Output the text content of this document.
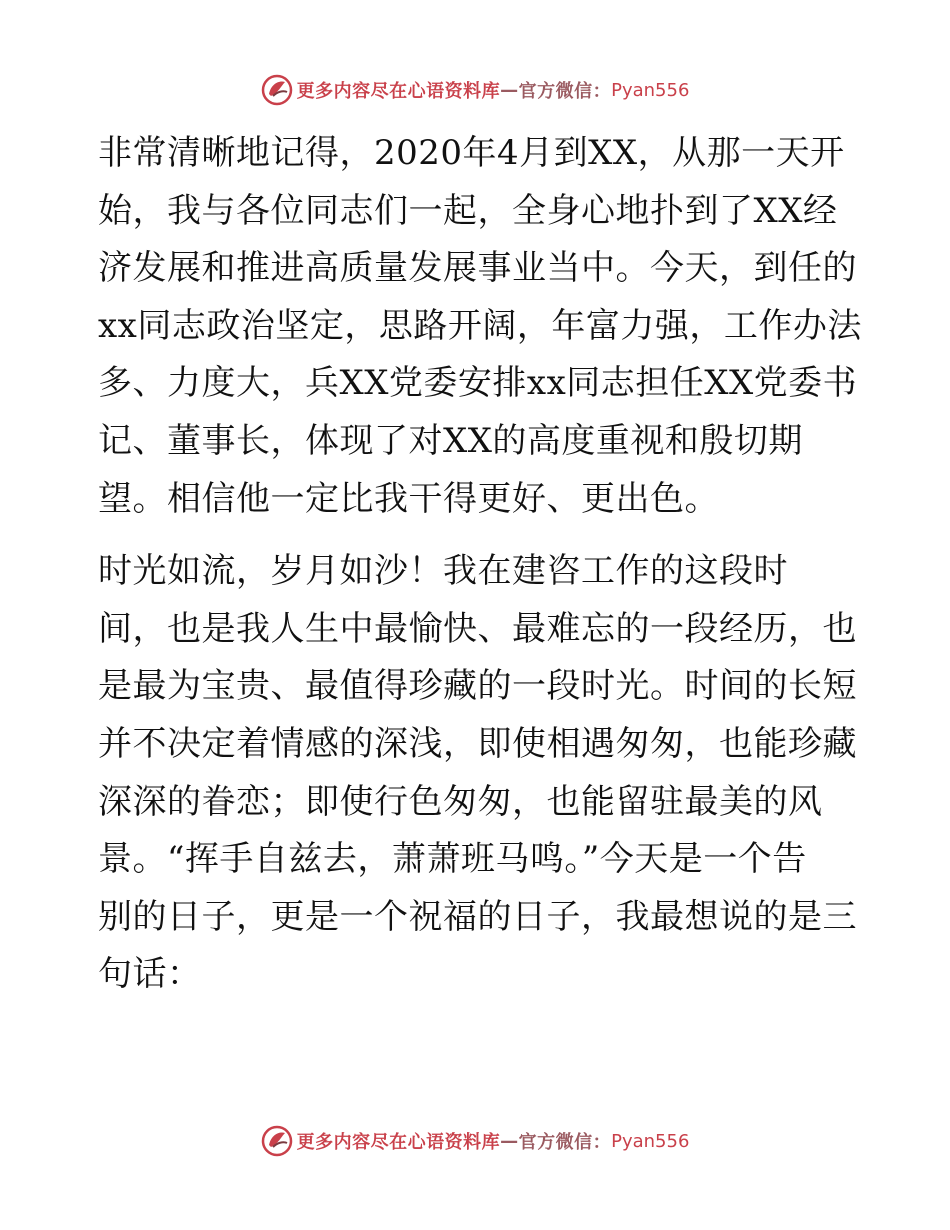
更多内容尽在心语资料库 — 官方微信： Pyan556

非常清晰地记得，2020年4月到XX，从那一天开
始，我与各位同志们一起，全身心地扑到了XX经
济发展和推进高质量发展事业当中。今天，到任的
xx同志政治坚定，思路开阔，年富力强，工作办法
多、力度大，兵XX党委安排xx同志担任XX党委书
记、董事长，体现了对XX的高度重视和殷切期
望。相信他一定比我干得更好、更出色。

时光如流，岁月如沙！我在建咨工作的这段时
间，也是我人生中最愉快、最难忘的一段经历，也
是最为宝贵、最值得珍藏的一段时光。时间的长短
并不决定着情感的深浅，即使相遇匆匆，也能珍藏
深深的眷恋；即使行色匆匆，也能留驻最美的风
景。“挥手自兹去，萧萧班马鸣。”今天是一个告
别的日子，更是一个祝福的日子，我最想说的是三
句话：

更多内容尽在心语资料库 — 官方微信： Pyan556
